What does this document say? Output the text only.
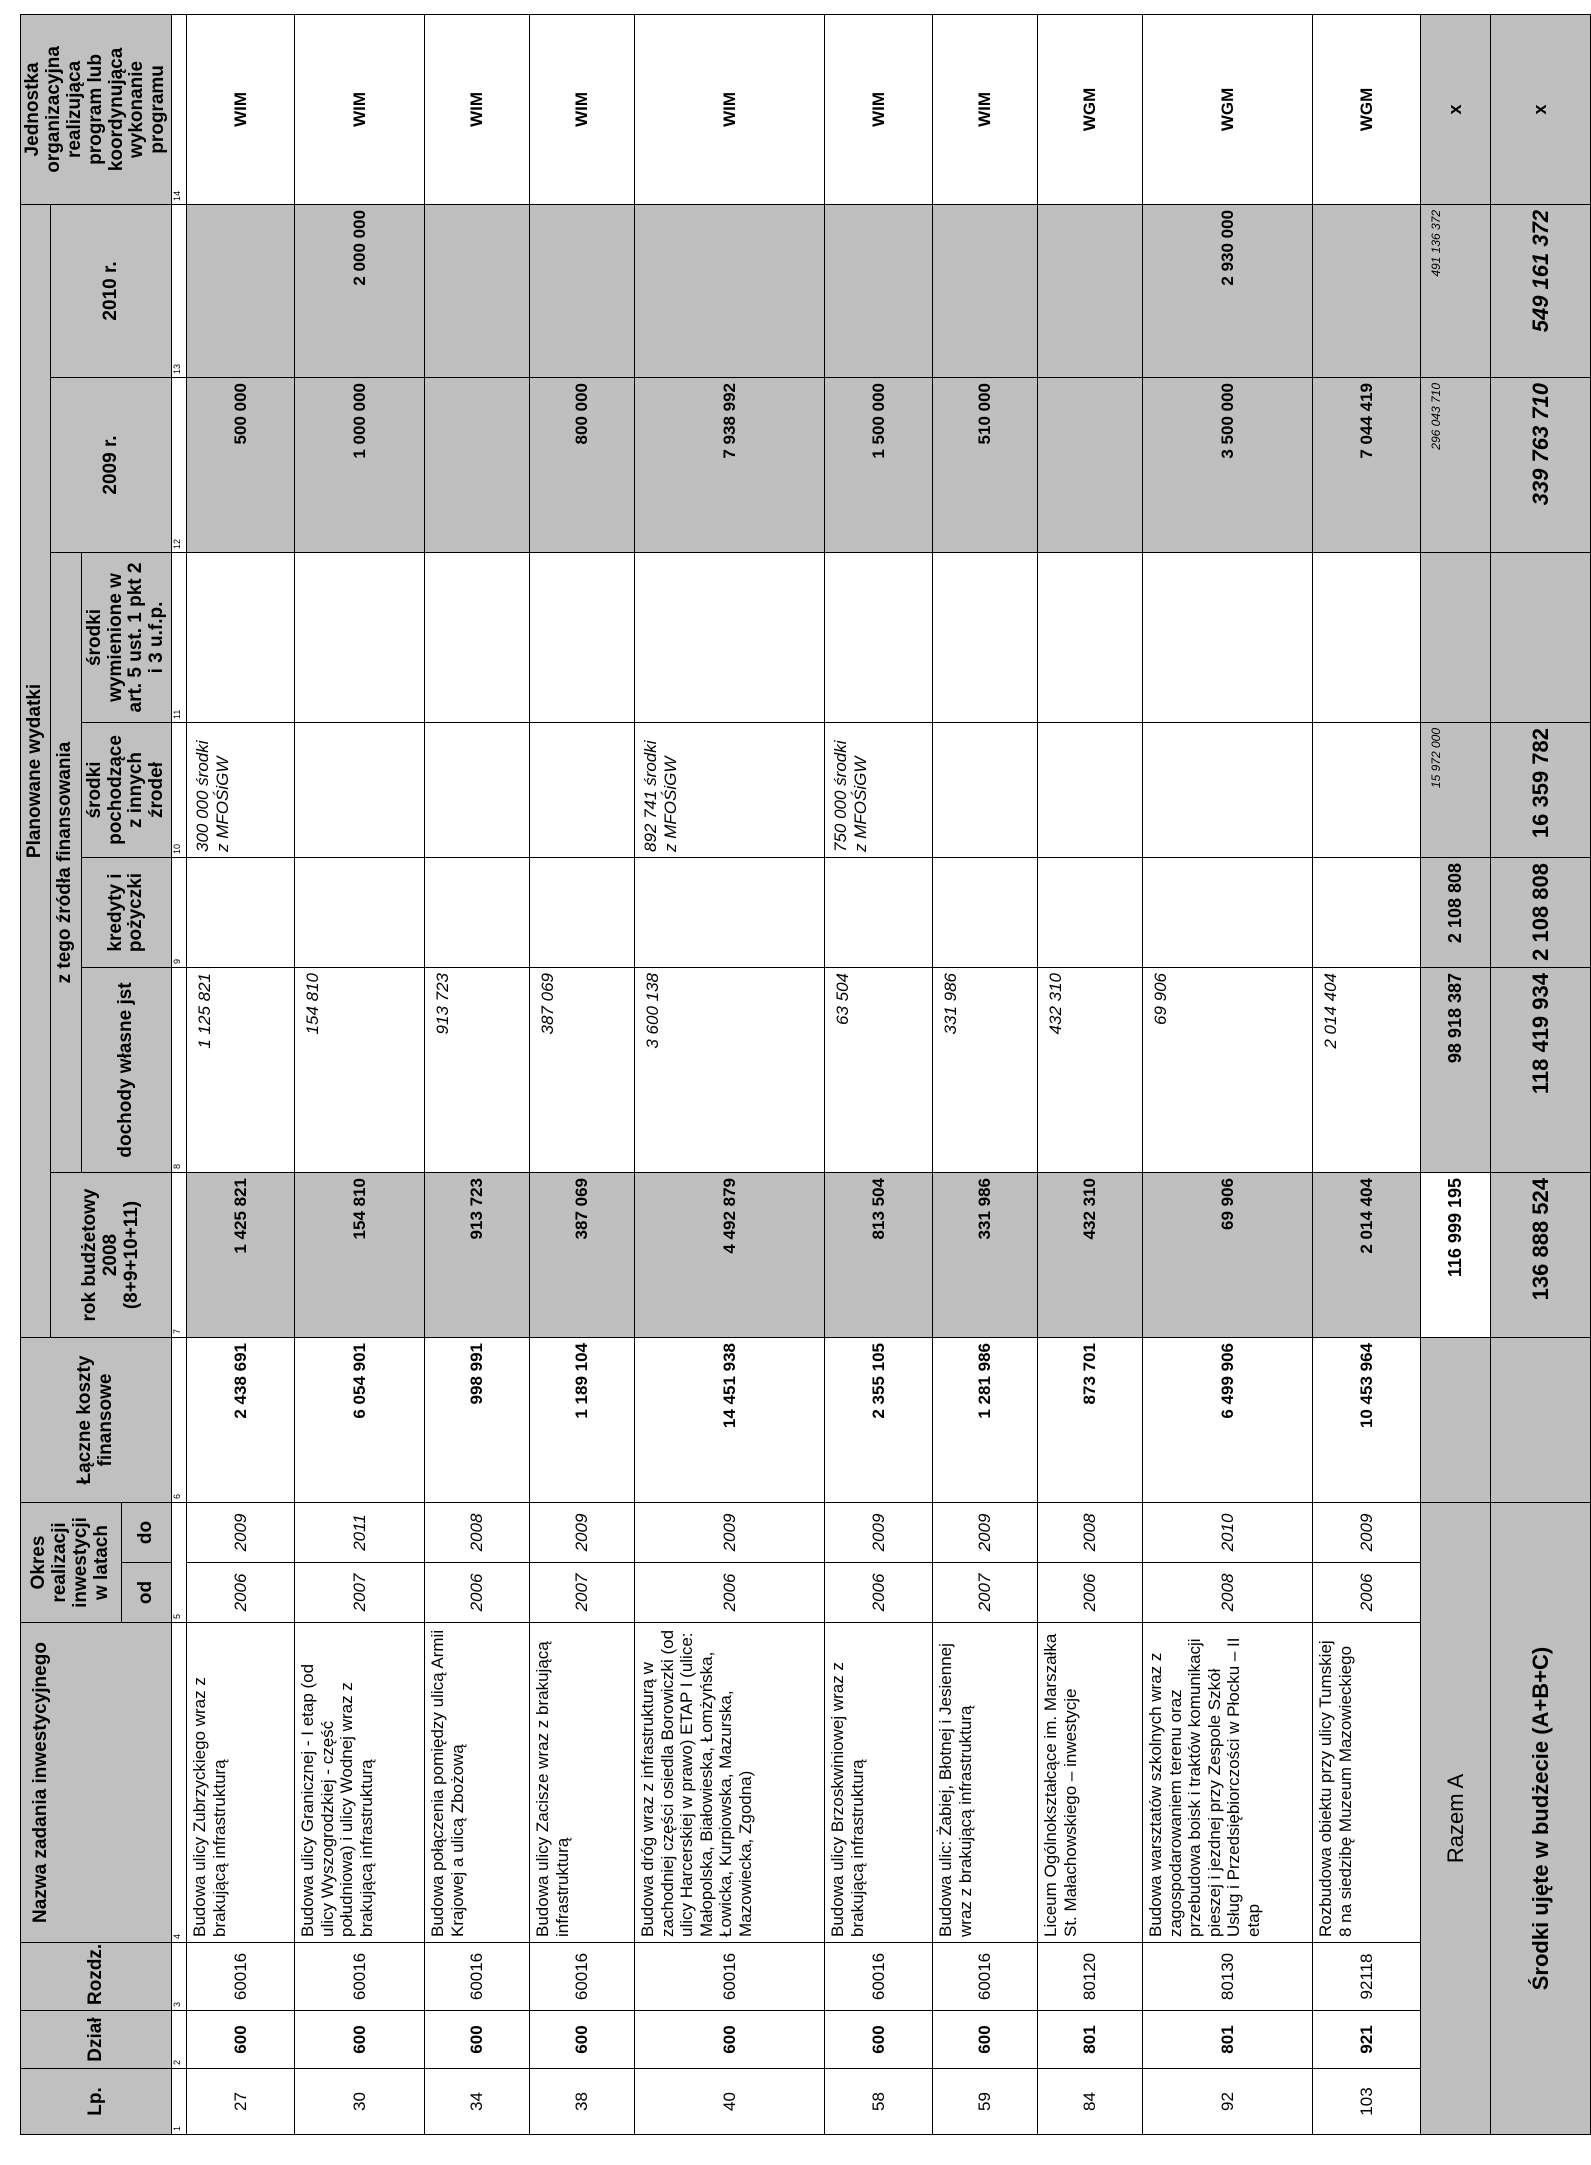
Lp.	Dział	Rozdz.	Nazwa zadania inwestycyjnego	Okres realizacji inwestycji w latach		Łączne koszty finansowe	Planowane wydatki							Jednostka organizacyjna realizująca program lub koordynująca wykonanie programu
							rok budżetowy 2008 (8+9+10+11)	z tego źródła finansowania				2009 r.	2010 r.	
								dochody własne jst	kredyty i pożyczki	środki pochodzące z innych źrodeł	środki wymienione w art. 5 ust. 1 pkt 2 i 3 u.f.p.			
				od	do									
1	2	3	4	5		6	7	8	9	10	11	12	13	14
27	600	60016	Budowa ulicy Zubrzyckiego wraz z brakującą infrastrukturą	2006	2009	2 438 691	1 425 821	1 125 821		300 000 środki z MFOŚiGW		500 000		WIM
30	600	60016	Budowa ulicy Granicznej - I etap (od ulicy Wyszogrodzkiej - część południowa) i ulicy Wodnej wraz z brakującą infrastrukturą	2007	2011	6 054 901	154 810	154 810				1 000 000	2 000 000	WIM
34	600	60016	Budowa połączenia pomiędzy ulicą Armii Krajowej a ulicą Zbożową	2006	2008	998 991	913 723	913 723						WIM
38	600	60016	Budowa ulicy Zacisze wraz z brakującą infrastrukturą	2007	2009	1 189 104	387 069	387 069				800 000		WIM
40	600	60016	Budowa dróg wraz z infrastrukturą w zachodniej części osiedla Borowiczki (od ulicy Harcerskiej w prawo) ETAP I (ulice: Małopolska, Białowieska, Łomżyńska, Łowicka, Kurpiowska, Mazurska, Mazowiecka, Zgodna)	2006	2009	14 451 938	4 492 879	3 600 138		892 741 środki z MFOŚiGW		7 938 992		WIM
58	600	60016	Budowa ulicy Brzoskwiniowej wraz z brakującą infrastrukturą	2006	2009	2 355 105	813 504	63 504		750 000 środki z MFOŚiGW		1 500 000		WIM
59	600	60016	Budowa ulic: Żabiej, Błotnej i Jesiennej wraz z brakującą infrastrukturą	2007	2009	1 281 986	331 986	331 986				510 000		WIM
84	801	80120	Liceum Ogólnokształcące im. Marszałka St. Małachowskiego – inwestycje	2006	2008	873 701	432 310	432 310						WGM
92	801	80130	Budowa warsztatów szkolnych wraz z zagospodarowaniem terenu oraz przebudowa boisk i traktów komunikacji pieszej i jezdnej przy Zespole Szkół Usług i Przedsiębiorczości w Płocku – II etap	2008	2010	6 499 906	69 906	69 906				3 500 000	2 930 000	WGM
103	921	92118	Rozbudowa obiektu przy ulicy Tumskiej 8 na siedzibę Muzeum Mazowieckiego	2006	2009	10 453 964	2 014 404	2 014 404				7 044 419		WGM
Razem A							116 999 195	98 918 387	2 108 808	15 972 000		296 043 710	491 136 372	x
Środki ujęte w budżecie (A+B+C)							136 888 524	118 419 934	2 108 808	16 359 782		339 763 710	549 161 372	x
